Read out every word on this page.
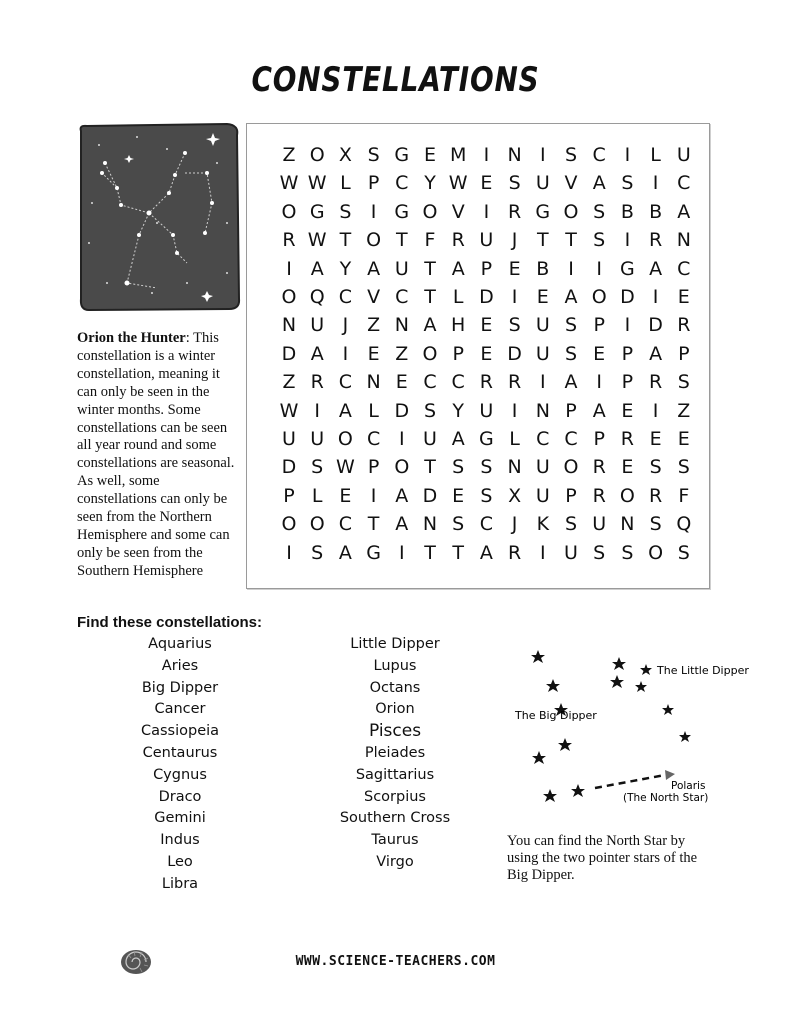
CONSTELLATIONS
Orion the Hunter: This constellation is a winter constellation, meaning it can only be seen in the winter months. Some constellations can be seen all year round and some constellations are seasonal. As well, some constellations can only be seen from the Northern Hemisphere and some can only be seen from the Southern Hemisphere
Z O X S G E M I N I	S C I	L U
W W L P C Y W E S U V A S	I C
O G S	I G O V I R G O S B B A
R W T O T F R U J	T T S	I R N
I A Y A U T A P E B I	I G A C
O Q C V C T L D I	E A O D I	E
N U J Z N A H E S U S P	I D R
D A I	E Z O P E D U S E P A P
Z R C N E C C R R I A I	P R S
W I A L D S Y U I N P A E	I Z
U U O C I U A G L C C P R E E
D S W P O T S S N U O R E S S
P L E	I A D E S X U P R O R F
O O C T A N S C J	K S U N S Q
I	S A G I	T T A R I U S S O S
Find these constellations:
Aquarius
Aries
Big Dipper
Cancer
Cassiopeia
Centaurus
Cygnus
Draco
Gemini
Indus
Leo
Libra
Little Dipper
Lupus
Octans
Orion
Pisces
Pleiades
Sagittarius
Scorpius
Southern Cross
Taurus
Virgo
The Little Dipper
The Big Dipper
Polaris
(The North Star)
You can find the North Star by using the two pointer stars of the Big Dipper.
WWW.SCIENCE-TEACHERS.COM
